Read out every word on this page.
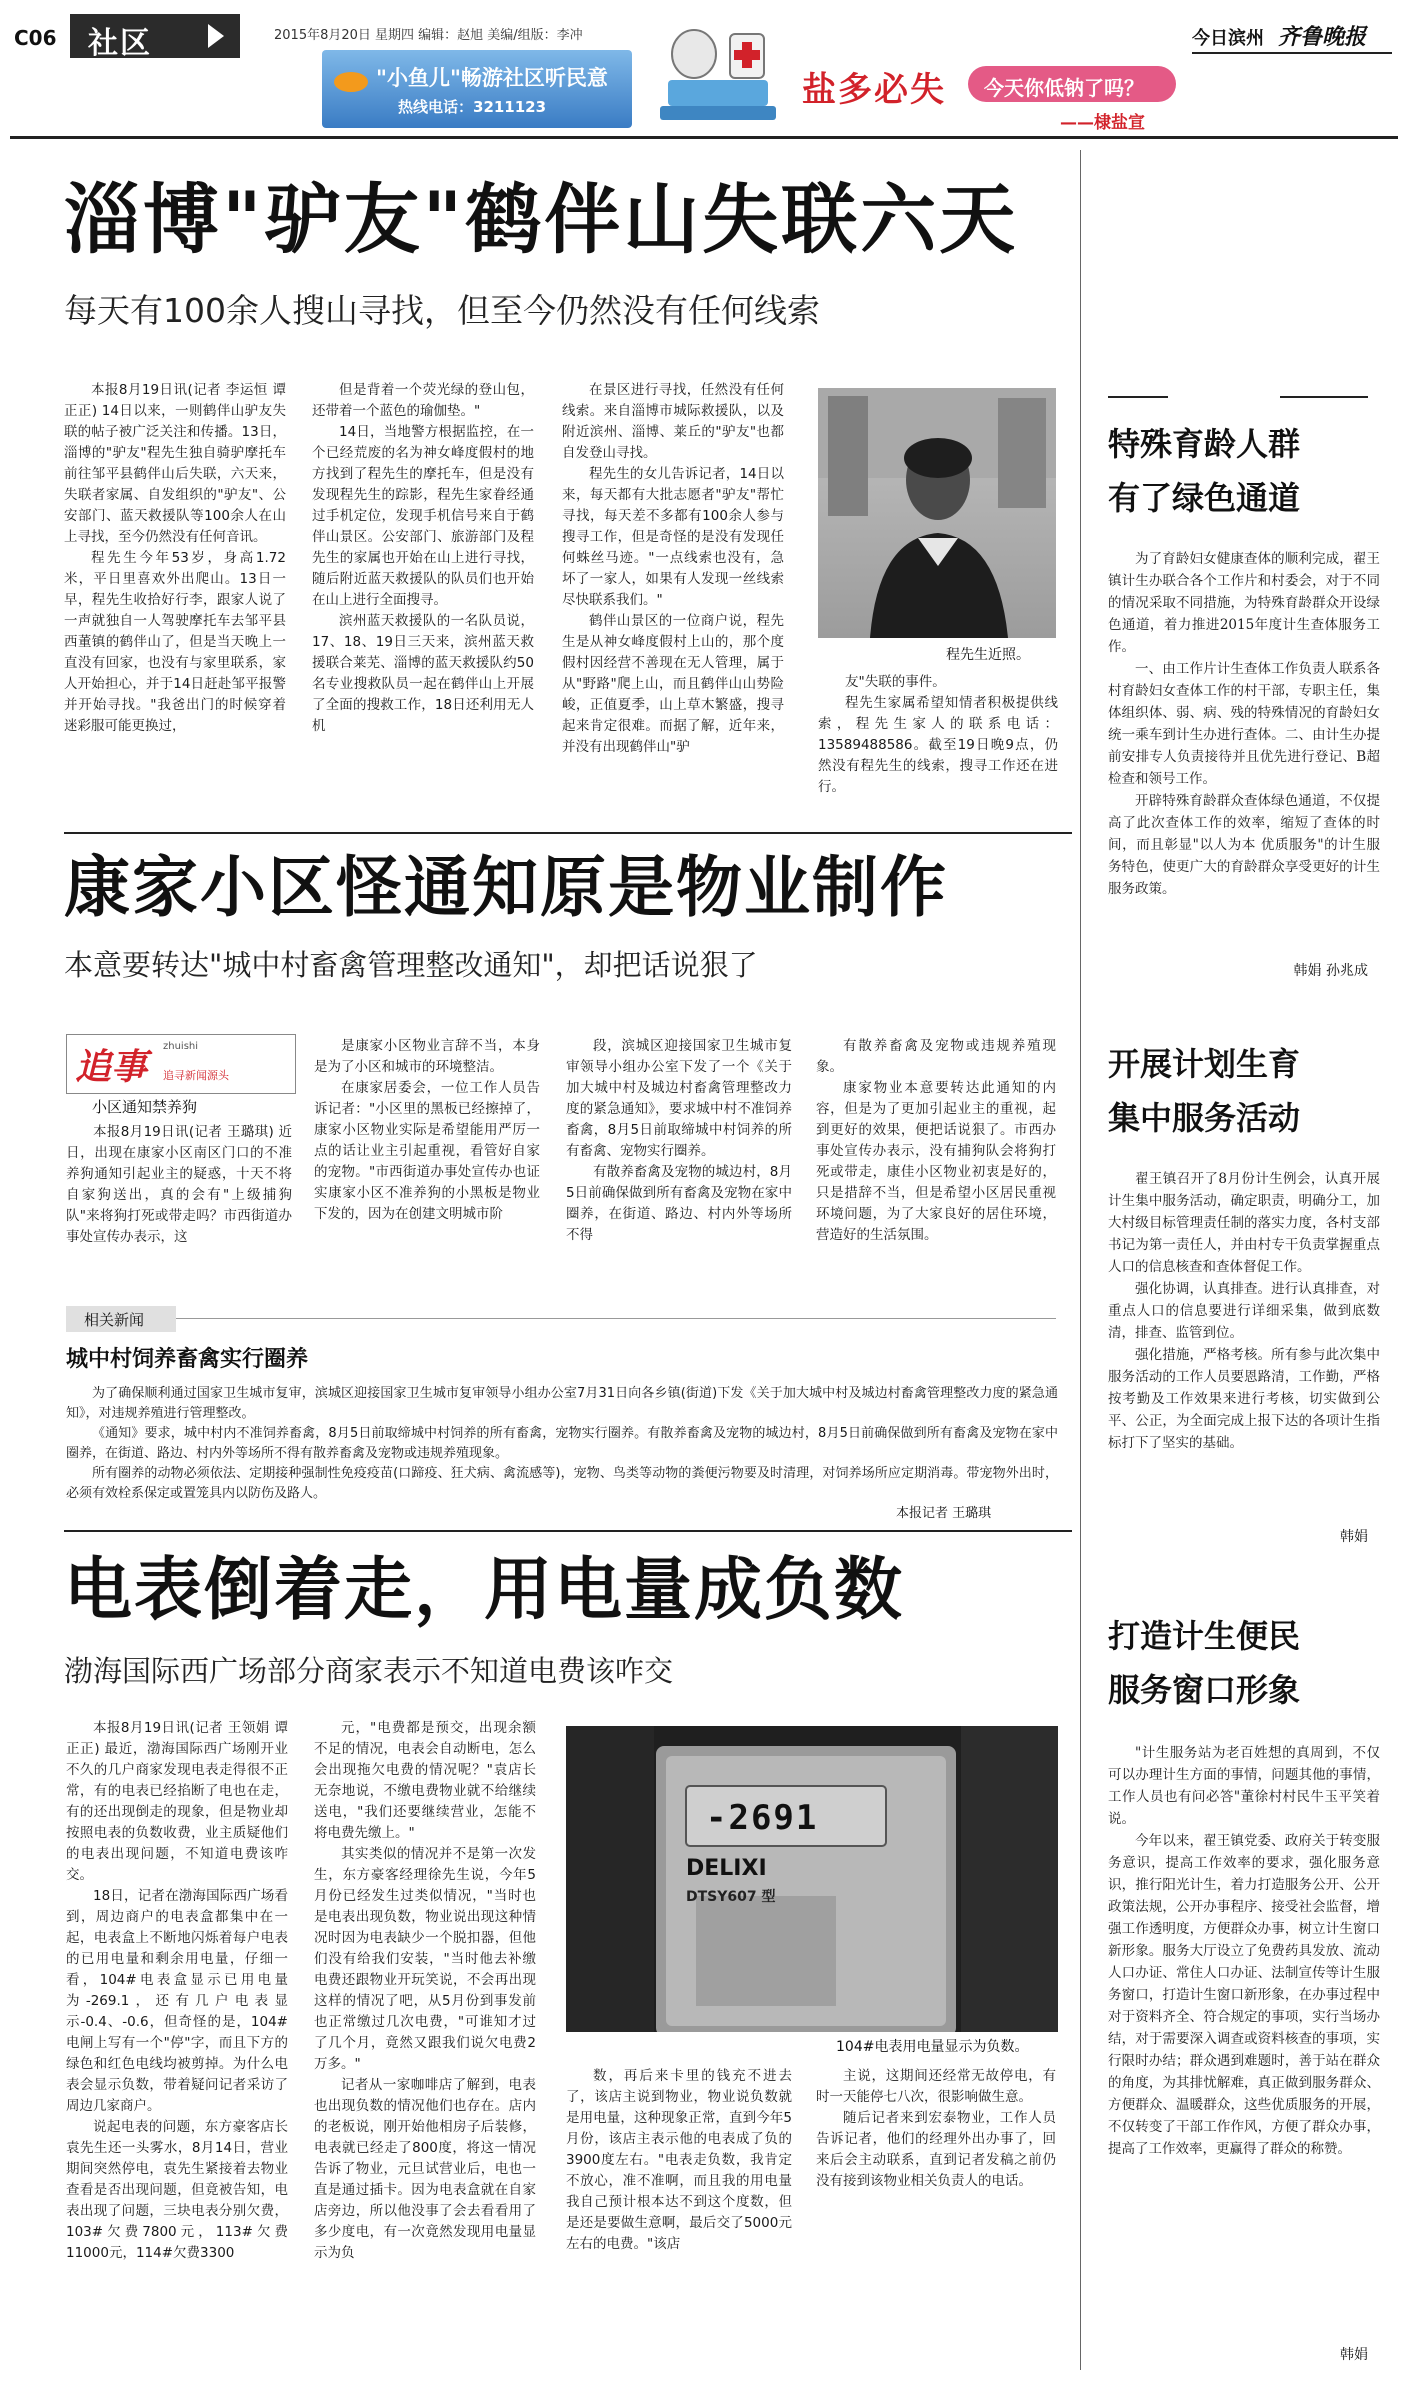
C06 社区	2015年8月20日 星期四 编辑：赵旭 美编/组版：李冲
"小鱼儿"畅游社区听民意
热线电话：3211123	盐多必失 今天你低钠了吗？
——棣盐宣
今日滨州 齐鲁晚报
淄博"驴友"鹤伴山失联六天
每天有100余人搜山寻找，但至今仍然没有任何线索

本报8月19日讯(记者 李运恒 谭正正) 14日以来，一则鹤伴山驴友失联的帖子被广泛关注和传播。13日，淄博的"驴友"程先生独自骑驴摩托车前往邹平县鹤伴山后失联，六天来，失联者家属、自发组织的"驴友"、公安部门、蓝天救援队等100余人在山上寻找，至今仍然没有任何音讯。

程先生今年53岁，身高1.72米，平日里喜欢外出爬山。13日一早，程先生收拾好行李，跟家人说了一声就独自一人驾驶摩托车去邹平县西董镇的鹤伴山了，但是当天晚上一直没有回家，也没有与家里联系，家人开始担心，并于14日赶赴邹平报警并开始寻找。"我爸出门的时候穿着迷彩服可能更换过，

但是背着一个荧光绿的登山包，还带着一个蓝色的瑜伽垫。"

14日，当地警方根据监控，在一个已经荒废的名为神女峰度假村的地方找到了程先生的摩托车，但是没有发现程先生的踪影，程先生家眷经通过手机定位，发现手机信号来自于鹤伴山景区。公安部门、旅游部门及程先生的家属也开始在山上进行寻找，随后附近蓝天救援队的队员们也开始在山上进行全面搜寻。

滨州蓝天救援队的一名队员说，17、18、19日三天来，滨州蓝天救援联合莱芜、淄博的蓝天救援队约50名专业搜救队员一起在鹤伴山上开展了全面的搜救工作，18日还利用无人机

在景区进行寻找，任然没有任何线索。来自淄博市城际救援队，以及附近滨州、淄博、莱丘的"驴友"也都自发登山寻找。

程先生的女儿告诉记者，14日以来，每天都有大批志愿者"驴友"帮忙寻找，每天差不多都有100余人参与搜寻工作，但是奇怪的是没有发现任何蛛丝马迹。"一点线索也没有，急坏了一家人，如果有人发现一丝线索尽快联系我们。"

鹤伴山景区的一位商户说，程先生是从神女峰度假村上山的，那个度假村因经营不善现在无人管理，属于从"野路"爬上山，而且鹤伴山山势险峻，正值夏季，山上草木繁盛，搜寻起来肯定很难。而据了解，近年来，并没有出现鹤伴山"驴

程先生近照。

友"失联的事件。

程先生家属希望知情者积极提供线索，程先生家人的联系电话：13589488586。截至19日晚9点，仍然没有程先生的线索，搜寻工作还在进行。

康家小区怪通知原是物业制作
本意要转达"城中村畜禽管理整改通知"，却把话说狠了
追事
zhuishi
追寻新闻源头
小区通知禁养狗

本报8月19日讯(记者 王璐琪) 近日，出现在康家小区南区门口的不准养狗通知引起业主的疑惑，十天不将自家狗送出，真的会有"上级捕狗队"来将狗打死或带走吗？市西街道办事处宣传办表示，这

是康家小区物业言辞不当，本身是为了小区和城市的环境整洁。

在康家居委会，一位工作人员告诉记者："小区里的黑板已经擦掉了，康家小区物业实际是希望能用严厉一点的话让业主引起重视，看管好自家的宠物。"市西街道办事处宣传办也证实康家小区不准养狗的小黑板是物业下发的，因为在创建文明城市阶

段，滨城区迎接国家卫生城市复审领导小组办公室下发了一个《关于加大城中村及城边村畜禽管理整改力度的紧急通知》，要求城中村不准饲养畜禽，8月5日前取缔城中村饲养的所有畜禽、宠物实行圈养。

有散养畜禽及宠物的城边村，8月5日前确保做到所有畜禽及宠物在家中圈养，在街道、路边、村内外等场所不得

有散养畜禽及宠物或违规养殖现象。

康家物业本意要转达此通知的内容，但是为了更加引起业主的重视，起到更好的效果，便把话说狠了。市西办事处宣传办表示，没有捕狗队会将狗打死或带走，康佳小区物业初衷是好的，只是措辞不当，但是希望小区居民重视环境问题，为了大家良好的居住环境，营造好的生活氛围。

相关新闻
城中村饲养畜禽实行圈养

为了确保顺利通过国家卫生城市复审，滨城区迎接国家卫生城市复审领导小组办公室7月31日向各乡镇(街道)下发《关于加大城中村及城边村畜禽管理整改力度的紧急通知》，对违规养殖进行管理整改。

《通知》要求，城中村内不准饲养畜禽，8月5日前取缔城中村饲养的所有畜禽，宠物实行圈养。有散养畜禽及宠物的城边村，8月5日前确保做到所有畜禽及宠物在家中圈养，在街道、路边、村内外等场所不得有散养畜禽及宠物或违规养殖现象。

所有圈养的动物必须依法、定期接种强制性免疫疫苗(口蹄疫、狂犬病、禽流感等)，宠物、鸟类等动物的粪便污物要及时清理，对饲养场所应定期消毒。带宠物外出时，必须有效栓系保定或置笼具内以防伤及路人。

本报记者 王璐琪
电表倒着走，用电量成负数
渤海国际西广场部分商家表示不知道电费该咋交

本报8月19日讯(记者 王领娟 谭正正) 最近，渤海国际西广场刚开业不久的几户商家发现电表走得很不正常，有的电表已经掐断了电也在走，有的还出现倒走的现象，但是物业却按照电表的负数收费，业主质疑他们的电表出现问题，不知道电费该咋交。

18日，记者在渤海国际西广场看到，周边商户的电表盒都集中在一起，电表盒上不断地闪烁着每户电表的已用电量和剩余用电量，仔细一看，104#电表盒显示已用电量为-269.1，还有几户电表显示-0.4、-0.6，但奇怪的是，104#电闸上写有一个"停"字，而且下方的绿色和红色电线均被剪掉。为什么电表会显示负数，带着疑问记者采访了周边几家商户。

说起电表的问题，东方豪客店长袁先生还一头雾水，8月14日，营业期间突然停电，袁先生紧接着去物业查看是否出现问题，但竟被告知，电表出现了问题，三块电表分别欠费，103#欠费7800元，113#欠费11000元，114#欠费3300

元，"电费都是预交，出现余额不足的情况，电表会自动断电，怎么会出现拖欠电费的情况呢？"袁店长无奈地说，不缴电费物业就不给继续送电，"我们还要继续营业，怎能不将电费先缴上。"

其实类似的情况并不是第一次发生，东方豪客经理徐先生说，今年5月份已经发生过类似情况，"当时也是电表出现负数，物业说出现这种情况时因为电表缺少一个脱扣器，但他们没有给我们安装，"当时他去补缴电费还跟物业开玩笑说，不会再出现这样的情况了吧，从5月份到事发前也正常缴过几次电费，"可谁知才过了几个月，竟然又跟我们说欠电费2万多。"

记者从一家咖啡店了解到，电表也出现负数的情况他们也存在。店内的老板说，刚开始他相房子后装修，电表就已经走了800度，将这一情况告诉了物业，元旦试营业后，电也一直是通过插卡。因为电表盒就在自家店旁边，所以他没事了会去看看用了多少度电，有一次竟然发现用电量显示为负

-2691
DELIXI
DTSY607 型
104#电表用电量显示为负数。

数，再后来卡里的钱充不进去了，该店主说到物业，物业说负数就是用电量，这种现象正常，直到今年5月份，该店主表示他的电表成了负的3900度左右。"电表走负数，我肯定不放心，准不准啊，而且我的用电量我自己预计根本达不到这个度数，但是还是要做生意啊，最后交了5000元左右的电费。"该店

主说，这期间还经常无故停电，有时一天能停七八次，很影响做生意。

随后记者来到宏泰物业，工作人员告诉记者，他们的经理外出办事了，回来后会主动联系，直到记者发稿之前仍没有接到该物业相关负责人的电话。

特殊育龄人群
有了绿色通道

为了育龄妇女健康查体的顺利完成，翟王镇计生办联合各个工作片和村委会，对于不同的情况采取不同措施，为特殊育龄群众开设绿色通道，着力推进2015年度计生查体服务工作。

一、由工作片计生查体工作负责人联系各村育龄妇女查体工作的村干部，专职主任，集体组织体、弱、病、残的特殊情况的育龄妇女统一乘车到计生办进行查体。二、由计生办提前安排专人负责接待并且优先进行登记、B超检查和领号工作。

开辟特殊育龄群众查体绿色通道，不仅提高了此次查体工作的效率，缩短了查体的时间，而且彰显"以人为本 优质服务"的计生服务特色，使更广大的育龄群众享受更好的计生服务政策。

韩娟 孙兆成
开展计划生育
集中服务活动

翟王镇召开了8月份计生例会，认真开展计生集中服务活动，确定职责，明确分工，加大村级目标管理责任制的落实力度，各村支部书记为第一责任人，并由村专干负责掌握重点人口的信息核查和查体督促工作。

强化协调，认真排查。进行认真排查，对重点人口的信息要进行详细采集，做到底数清，排查、监管到位。

强化措施，严格考核。所有参与此次集中服务活动的工作人员要恩路清，工作勤，严格按考勤及工作效果来进行考核，切实做到公平、公正，为全面完成上报下达的各项计生指标打下了坚实的基础。

韩娟
打造计生便民
服务窗口形象

"计生服务站为老百姓想的真周到，不仅可以办理计生方面的事情，问题其他的事情，工作人员也有问必答"董徐村村民牛玉平笑着说。

今年以来，翟王镇党委、政府关于转变服务意识，提高工作效率的要求，强化服务意识，推行阳光计生，着力打造服务公开、公开政策法规，公开办事程序、接受社会监督，增强工作透明度，方便群众办事，树立计生窗口新形象。服务大厅设立了免费药具发放、流动人口办证、常住人口办证、法制宣传等计生服务窗口，打造计生窗口新形象，在办事过程中对于资料齐全、符合规定的事项，实行当场办结，对于需要深入调查或资料核查的事项，实行限时办结；群众遇到难题时，善于站在群众的角度，为其排忧解难，真正做到服务群众、方便群众、温暖群众，这些优质服务的开展，不仅转变了干部工作作风，方便了群众办事，提高了工作效率，更赢得了群众的称赞。

韩娟
